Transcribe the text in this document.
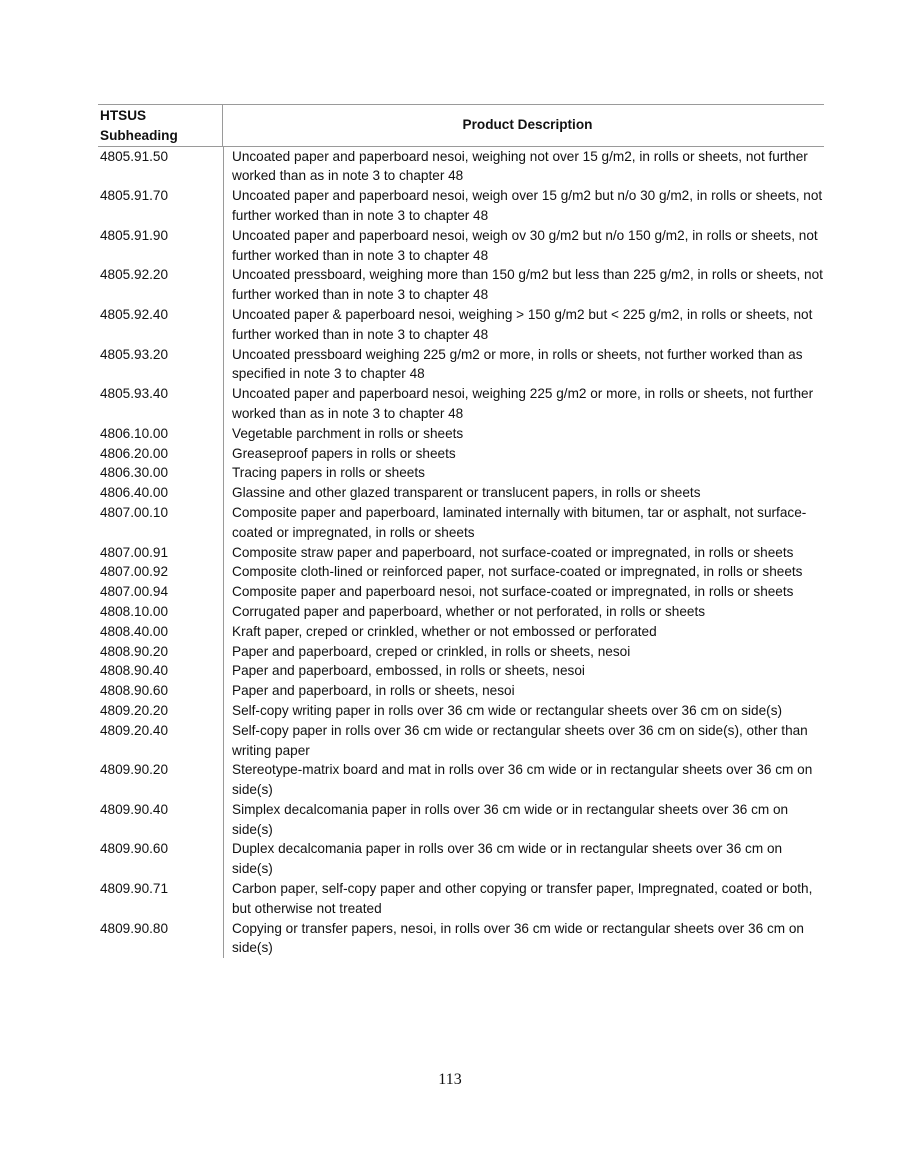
HTSUS Subheading
Product Description
4805.91.50	Uncoated paper and paperboard nesoi, weighing not over 15 g/m2, in rolls or sheets, not further worked than as in note 3 to chapter 48
4805.91.70	Uncoated paper and paperboard nesoi, weigh over 15 g/m2 but n/o 30 g/m2, in rolls or sheets, not further worked than in note 3 to chapter 48
4805.91.90	Uncoated paper and paperboard nesoi, weigh ov 30 g/m2 but n/o 150 g/m2, in rolls or sheets, not further worked than in note 3 to chapter 48
4805.92.20	Uncoated pressboard, weighing more than 150 g/m2 but less than 225 g/m2, in rolls or sheets, not further worked than in note 3 to chapter 48
4805.92.40	Uncoated paper & paperboard nesoi, weighing > 150 g/m2 but < 225 g/m2, in rolls or sheets, not further worked than in note 3 to chapter 48
4805.93.20	Uncoated pressboard weighing 225 g/m2 or more, in rolls or sheets, not further worked than as specified in note 3 to chapter 48
4805.93.40	Uncoated paper and paperboard nesoi, weighing 225 g/m2 or more, in rolls or sheets, not further worked than as in note 3 to chapter 48
4806.10.00	Vegetable parchment in rolls or sheets
4806.20.00	Greaseproof papers in rolls or sheets
4806.30.00	Tracing papers in rolls or sheets
4806.40.00	Glassine and other glazed transparent or translucent papers, in rolls or sheets
4807.00.10	Composite paper and paperboard, laminated internally with bitumen, tar or asphalt, not surface-coated or impregnated, in rolls or sheets
4807.00.91	Composite straw paper and paperboard, not surface-coated or impregnated, in rolls or sheets
4807.00.92	Composite cloth-lined or reinforced paper, not surface-coated or impregnated, in rolls or sheets
4807.00.94	Composite paper and paperboard nesoi, not surface-coated or impregnated, in rolls or sheets
4808.10.00	Corrugated paper and paperboard, whether or not perforated, in rolls or sheets
4808.40.00	Kraft paper, creped or crinkled, whether or not embossed or perforated
4808.90.20	Paper and paperboard, creped or crinkled, in rolls or sheets, nesoi
4808.90.40	Paper and paperboard, embossed, in rolls or sheets, nesoi
4808.90.60	Paper and paperboard, in rolls or sheets, nesoi
4809.20.20	Self-copy writing paper in rolls over 36 cm wide or rectangular sheets over 36 cm on side(s)
4809.20.40	Self-copy paper in rolls over 36 cm wide or rectangular sheets over 36 cm on side(s), other than writing paper
4809.90.20	Stereotype-matrix board and mat in rolls over 36 cm wide or in rectangular sheets over 36 cm on side(s)
4809.90.40	Simplex decalcomania paper in rolls over 36 cm wide or in rectangular sheets over 36 cm on side(s)
4809.90.60	Duplex decalcomania paper in rolls over 36 cm wide or in rectangular sheets over 36 cm on side(s)
4809.90.71	Carbon paper, self-copy paper and other copying or transfer paper, Impregnated, coated or both, but otherwise not treated
4809.90.80	Copying or transfer papers, nesoi, in rolls over 36 cm wide or rectangular sheets over 36 cm on side(s)
113
